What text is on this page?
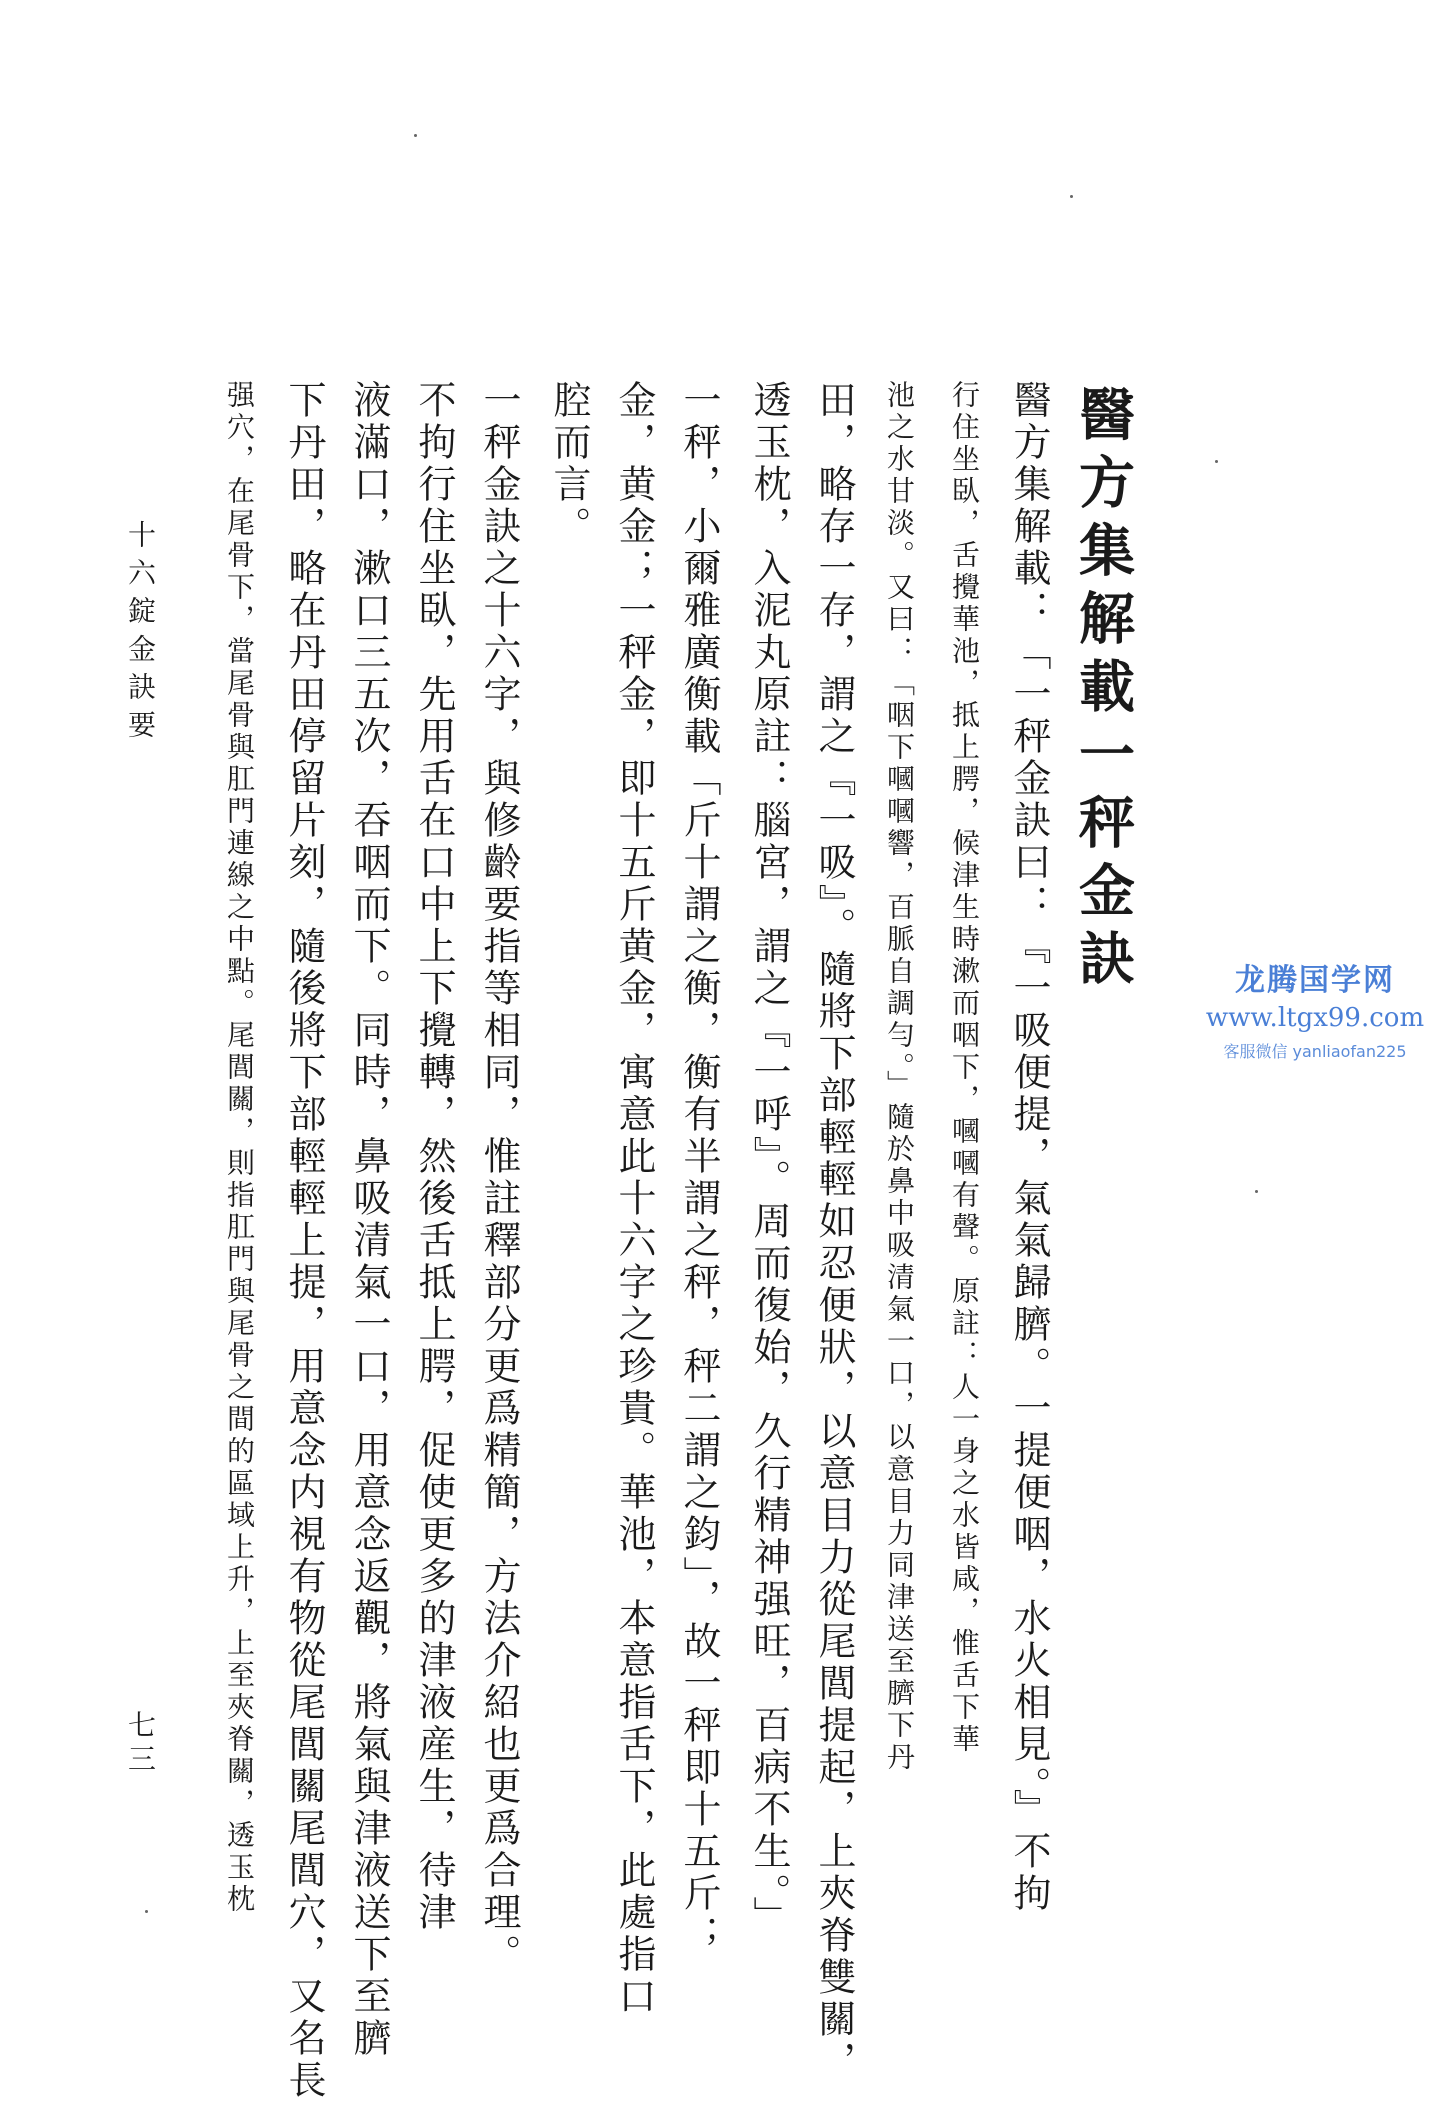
醫方集解載一秤金訣
醫方集解載：「一秤金訣曰：『一吸便提，氣氣歸臍。一提便咽，水火相見。』不拘
行住坐臥，舌攪華池，抵上腭，候津生時漱而咽下，嘓嘓有聲。原註：人一身之水皆咸，惟舌下華
池之水甘淡。又曰：「咽下嘓嘓響，百脈自調勻。」隨於鼻中吸清氣一口，以意目力同津送至臍下丹
田，略存一存，謂之『一吸』。隨將下部輕輕如忍便狀，以意目力從尾閭提起，上夾脊雙關，
透玉枕，入泥丸原註：腦宮，謂之『一呼』。周而復始，久行精神强旺，百病不生。」
一秤，小爾雅廣衡載「斤十謂之衡，衡有半謂之秤，秤二謂之鈞」，故一秤即十五斤；
金，黄金；一秤金，即十五斤黄金，寓意此十六字之珍貴。華池，本意指舌下，此處指口
腔而言。
一秤金訣之十六字，與修齡要指等相同，惟註釋部分更爲精簡，方法介紹也更爲合理。
不拘行住坐臥，先用舌在口中上下攪轉，然後舌抵上腭，促使更多的津液産生，待津
液滿口，漱口三五次，吞咽而下。同時，鼻吸清氣一口，用意念返觀，將氣與津液送下至臍
下丹田，略在丹田停留片刻，隨後將下部輕輕上提，用意念内視有物從尾閭關尾閭穴，又名長
强穴，在尾骨下，當尾骨與肛門連線之中點。尾閭關，則指肛門與尾骨之間的區域上升，上至夾脊關，透玉枕
十六錠金訣要
七三
龙腾国学网
www.ltgx99.com
客服微信 yanliaofan225
